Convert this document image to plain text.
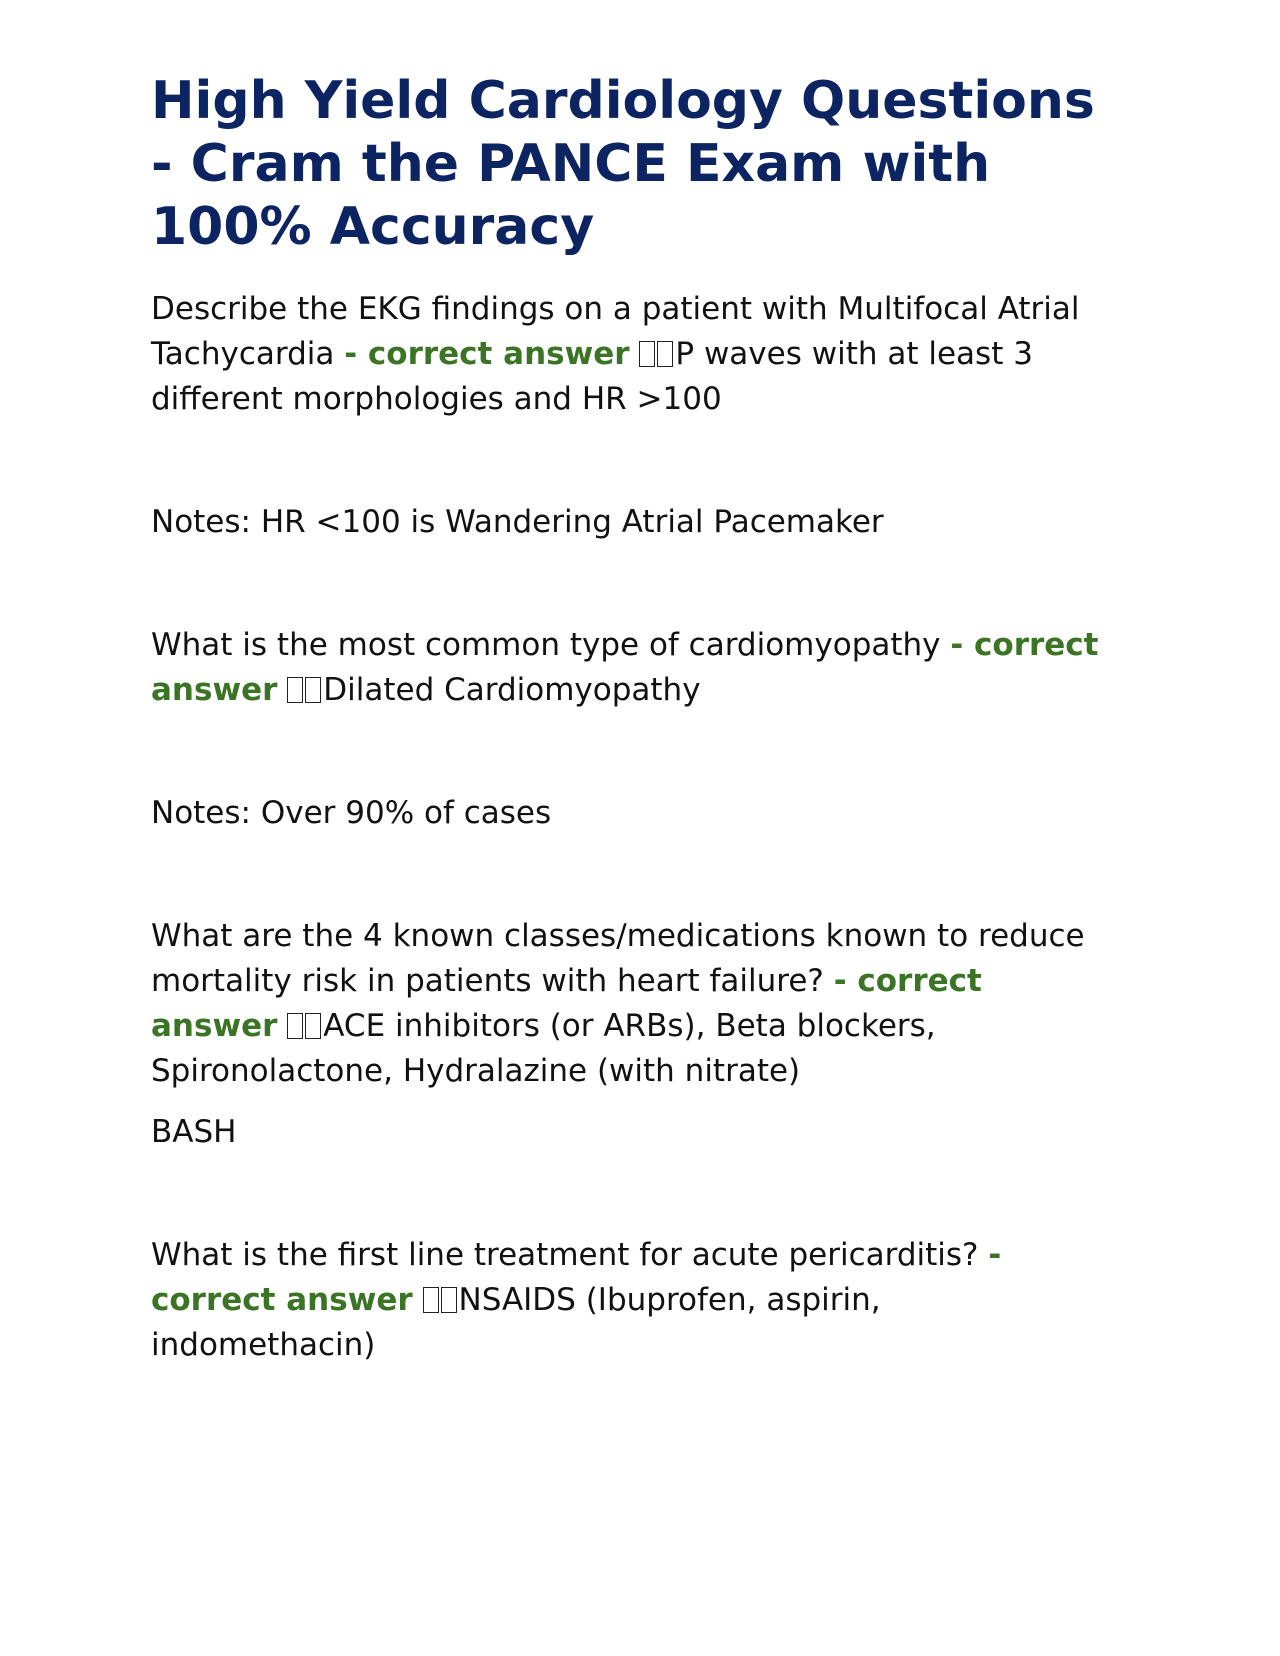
High Yield Cardiology Questions - Cram the PANCE Exam with 100% Accuracy

Describe the EKG findings on a patient with Multifocal Atrial Tachycardia - correct answer P waves with at least 3 different morphologies and HR >100

Notes: HR <100 is Wandering Atrial Pacemaker

What is the most common type of cardiomyopathy - correct answer Dilated Cardiomyopathy

Notes: Over 90% of cases

What are the 4 known classes/medications known to reduce mortality risk in patients with heart failure? - correct answer ACE inhibitors (or ARBs), Beta blockers, Spironolactone, Hydralazine (with nitrate)

BASH

What is the first line treatment for acute pericarditis? - correct answer NSAIDS (Ibuprofen, aspirin, indomethacin)
